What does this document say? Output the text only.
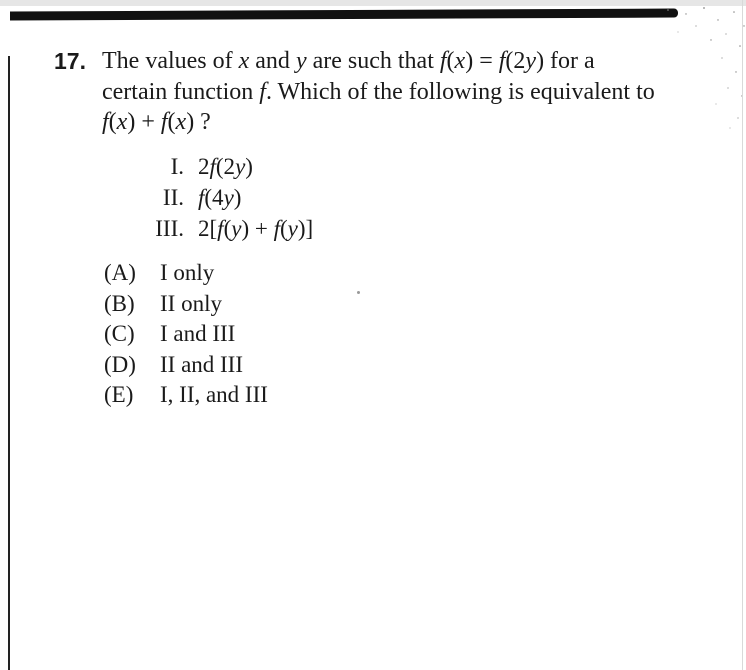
17. The values of x and y are such that f(x) = f(2y) for a
certain function f. Which of the following is equivalent to
f(x) + f(x) ?
I. 2f(2y)
II. f(4y)
III. 2[f(y) + f(y)]
(A)	I only
(B)	II only
(C)	I and III
(D)	II and III
(E)	I, II, and III
